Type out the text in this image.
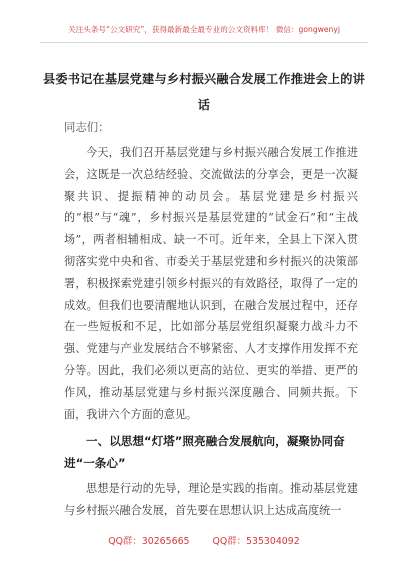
关注头条号“公文研究”，获得最新最全最专业的公文资料库！ 微信：gongwenyj
县委书记在基层党建与乡村振兴融合发展工作推进会上的讲话
同志们：
今天，我们召开基层党建与乡村振兴融合发展工作推进会，这既是一次总结经验、交流做法的分享会，更是一次凝聚共识、提振精神的动员会。基层党建是乡村振兴的“根”与“魂”，乡村振兴是基层党建的“试金石”和“主战场”，两者相辅相成、缺一不可。近年来，全县上下深入贯彻落实党中央和省、市委关于基层党建和乡村振兴的决策部署，积极探索党建引领乡村振兴的有效路径，取得了一定的成效。但我们也要清醒地认识到，在融合发展过程中，还存在一些短板和不足，比如部分基层党组织凝聚力战斗力不强、党建与产业发展结合不够紧密、人才支撑作用发挥不充分等。因此，我们必须以更高的站位、更实的举措、更严的作风，推动基层党建与乡村振兴深度融合、同频共振。下面，我讲六个方面的意见。
一、以思想“灯塔”照亮融合发展航向，凝聚协同奋进“一条心”
思想是行动的先导，理论是实践的指南。推动基层党建与乡村振兴融合发展，首先要在思想认识上达成高度统一
QQ群：30265665 QQ群：535304092
